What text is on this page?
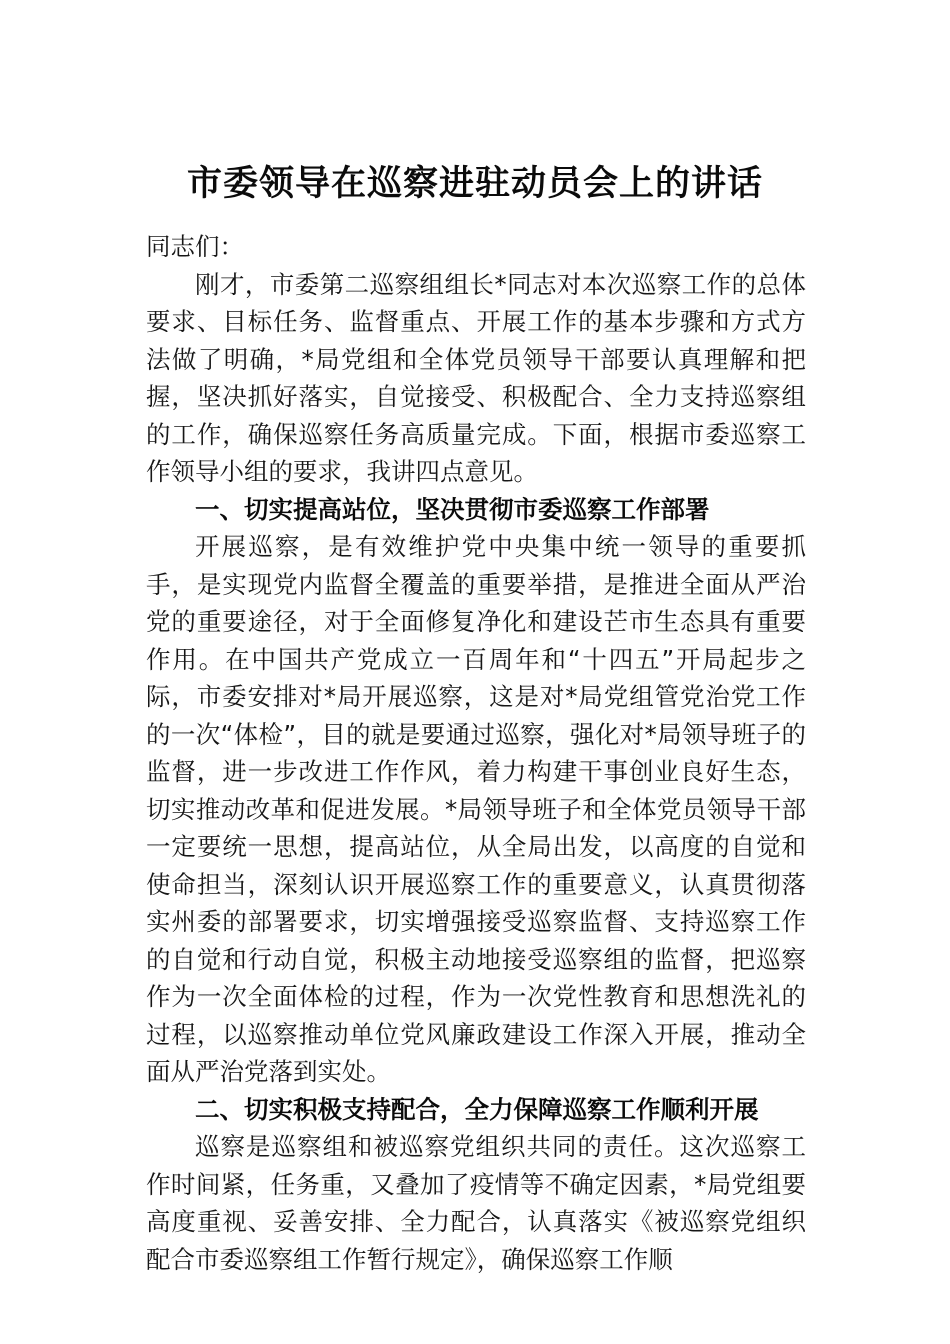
市委领导在巡察进驻动员会上的讲话

同志们：

刚才，市委第二巡察组组长*同志对本次巡察工作的总体要求、目标任务、监督重点、开展工作的基本步骤和方式方法做了明确，*局党组和全体党员领导干部要认真理解和把握，坚决抓好落实，自觉接受、积极配合、全力支持巡察组的工作，确保巡察任务高质量完成。下面，根据市委巡察工作领导小组的要求，我讲四点意见。

一、切实提高站位，坚决贯彻市委巡察工作部署

开展巡察，是有效维护党中央集中统一领导的重要抓手，是实现党内监督全覆盖的重要举措，是推进全面从严治党的重要途径，对于全面修复净化和建设芒市生态具有重要作用。在中国共产党成立一百周年和“十四五”开局起步之际，市委安排对*局开展巡察，这是对*局党组管党治党工作的一次“体检”，目的就是要通过巡察，强化对*局领导班子的监督，进一步改进工作作风，着力构建干事创业良好生态，切实推动改革和促进发展。*局领导班子和全体党员领导干部一定要统一思想，提高站位，从全局出发，以高度的自觉和使命担当，深刻认识开展巡察工作的重要意义，认真贯彻落实州委的部署要求，切实增强接受巡察监督、支持巡察工作的自觉和行动自觉，积极主动地接受巡察组的监督，把巡察作为一次全面体检的过程，作为一次党性教育和思想洗礼的过程，以巡察推动单位党风廉政建设工作深入开展，推动全面从严治党落到实处。

二、切实积极支持配合，全力保障巡察工作顺利开展

巡察是巡察组和被巡察党组织共同的责任。这次巡察工作时间紧，任务重，又叠加了疫情等不确定因素，*局党组要高度重视、妥善安排、全力配合，认真落实《被巡察党组织配合市委巡察组工作暂行规定》，确保巡察工作顺
